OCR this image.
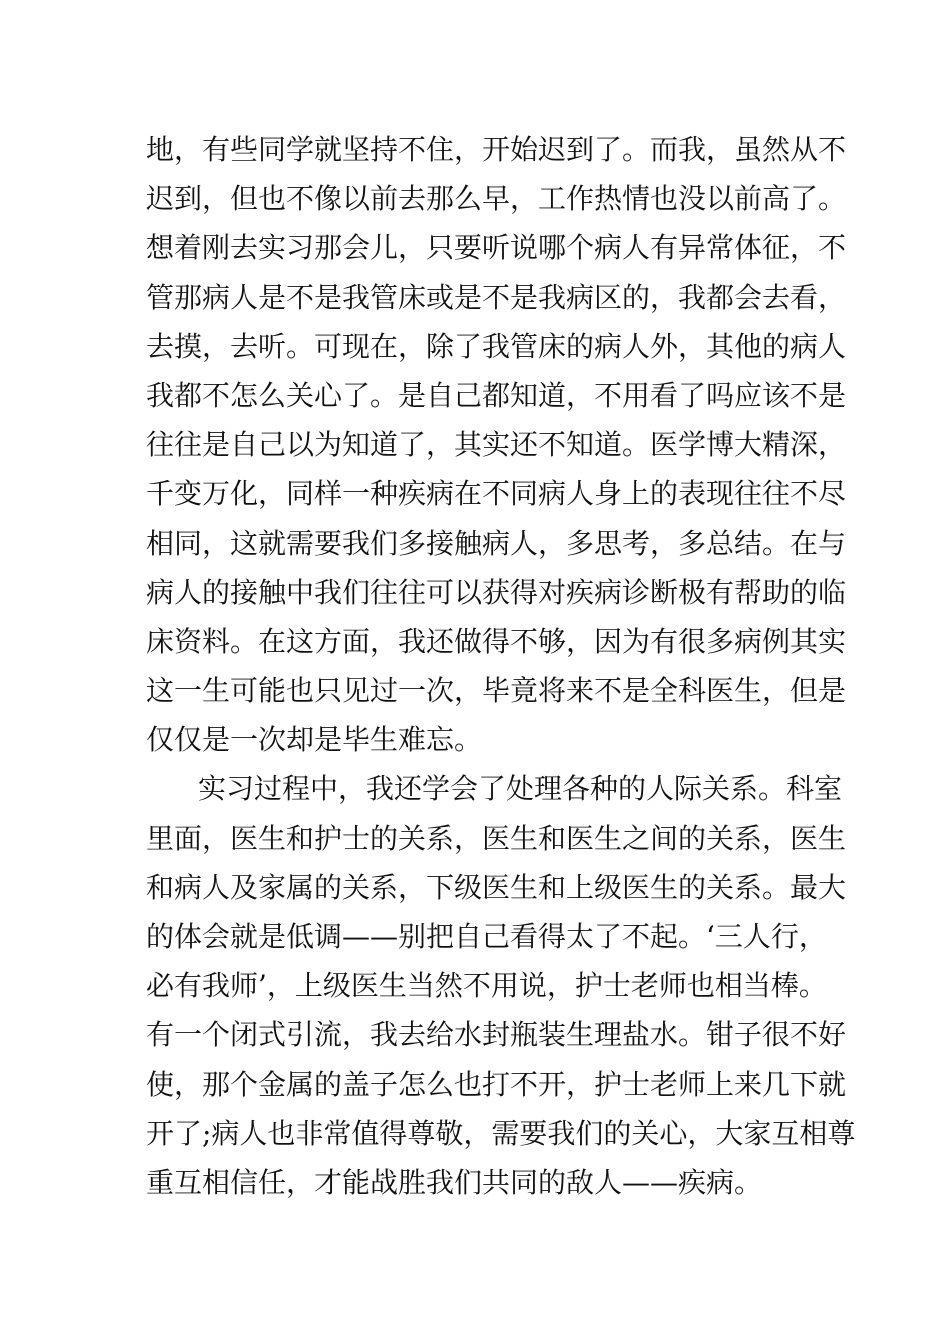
地，有些同学就坚持不住，开始迟到了。而我，虽然从不
迟到，但也不像以前去那么早，工作热情也没以前高了。
想着刚去实习那会儿，只要听说哪个病人有异常体征，不
管那病人是不是我管床或是不是我病区的，我都会去看，
去摸，去听。可现在，除了我管床的病人外，其他的病人
我都不怎么关心了。是自己都知道，不用看了吗应该不是
往往是自己以为知道了，其实还不知道。医学博大精深，
千变万化，同样一种疾病在不同病人身上的表现往往不尽
相同，这就需要我们多接触病人，多思考，多总结。在与
病人的接触中我们往往可以获得对疾病诊断极有帮助的临
床资料。在这方面，我还做得不够，因为有很多病例其实
这一生可能也只见过一次，毕竟将来不是全科医生，但是
仅仅是一次却是毕生难忘。
实习过程中，我还学会了处理各种的人际关系。科室
里面，医生和护士的关系，医生和医生之间的关系，医生
和病人及家属的关系，下级医生和上级医生的关系。最大
的体会就是低调——别把自己看得太了不起。‘三人行，
必有我师’，上级医生当然不用说，护士老师也相当棒。
有一个闭式引流，我去给水封瓶装生理盐水。钳子很不好
使，那个金属的盖子怎么也打不开，护士老师上来几下就
开了;病人也非常值得尊敬，需要我们的关心，大家互相尊
重互相信任，才能战胜我们共同的敌人——疾病。
